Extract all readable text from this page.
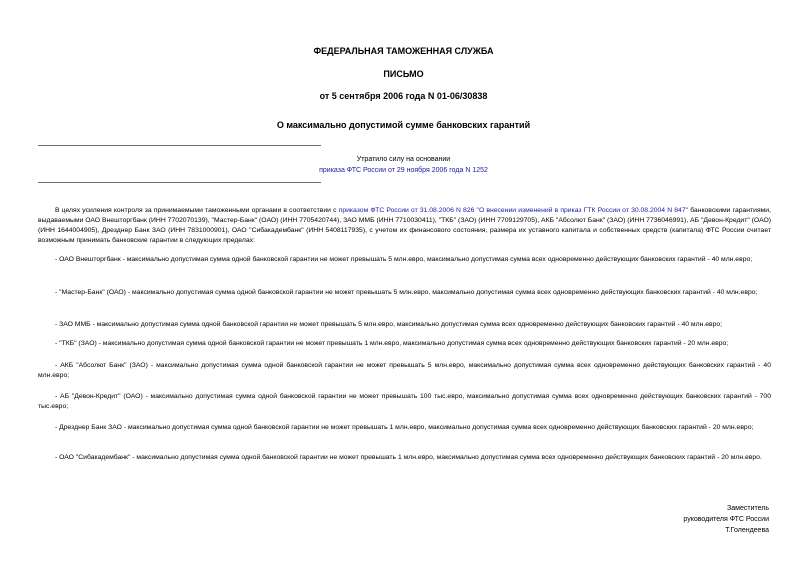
ФЕДЕРАЛЬНАЯ ТАМОЖЕННАЯ СЛУЖБА
ПИСЬМО
от 5 сентября 2006 года N 01-06/30838
О максимально допустимой сумме банковских гарантий
Утратило силу на основании
приказа ФТС России от 29 ноября 2006 года N 1252
В целях усиления контроля за принимаемыми таможенными органами в соответствии с приказом ФТС России от 31.08.2006 N 826 "О внесении изменений в приказ ГТК России от 30.08.2004 N 847" банковскими гарантиями, выдаваемыми ОАО Внешторгбанк (ИНН 7702070139), "Мастер-Банк" (ОАО) (ИНН 7705420744), ЗАО ММБ (ИНН 7710030411), "ТКБ" (ЗАО) (ИНН 7709129705), АКБ "Абсолют Банк" (ЗАО) (ИНН 7736046991), АБ "Девон-Кредит" (ОАО) (ИНН 1644004905), Дрезднер Банк ЗАО (ИНН 7831000901), ОАО "Сибакадембанк" (ИНН 5408117935), с учетом их финансового состояния, размера их уставного капитала и собственных средств (капитала) ФТС России считает возможным принимать банковские гарантии в следующих пределах:
- ОАО Внешторгбанк - максимально допустимая сумма одной банковской гарантии не может превышать 5 млн.евро, максимально допустимая сумма всех одновременно действующих банковских гарантий - 40 млн.евро;
- "Мастер-Банк" (ОАО) - максимально допустимая сумма одной банковской гарантии не может превышать 5 млн.евро, максимально допустимая сумма всех одновременно действующих банковских гарантий - 40 млн.евро;
- ЗАО ММБ - максимально допустимая сумма одной банковской гарантии не может превышать 5 млн.евро, максимально допустимая сумма всех одновременно действующих банковских гарантий - 40 млн.евро;
- "ТКБ" (ЗАО) - максимально допустимая сумма одной банковской гарантии не может превышать 1 млн.евро, максимально допустимая сумма всех одновременно действующих банковских гарантий - 20 млн.евро;
- АКБ "Абсолют Банк" (ЗАО) - максимально допустимая сумма одной банковской гарантии не может превышать 5 млн.евро, максимально допустимая сумма всех одновременно действующих банковских гарантий - 40 млн.евро;
- АБ "Девон-Кредит" (ОАО) - максимально допустимая сумма одной банковской гарантии не может превышать 100 тыс.евро, максимально допустимая сумма всех одновременно действующих банковских гарантий - 700 тыс.евро;
- Дрезднер Банк ЗАО - максимально допустимая сумма одной банковской гарантии не может превышать 1 млн.евро, максимально допустимая сумма всех одновременно действующих банковских гарантий - 20 млн.евро;
- ОАО "Сибакадембанк" - максимально допустимая сумма одной банковской гарантии не может превышать 1 млн.евро, максимально допустимая сумма всех одновременно действующих банковских гарантий - 20 млн.евро.
Заместитель
руководителя ФТС России
Т.Голендеева
